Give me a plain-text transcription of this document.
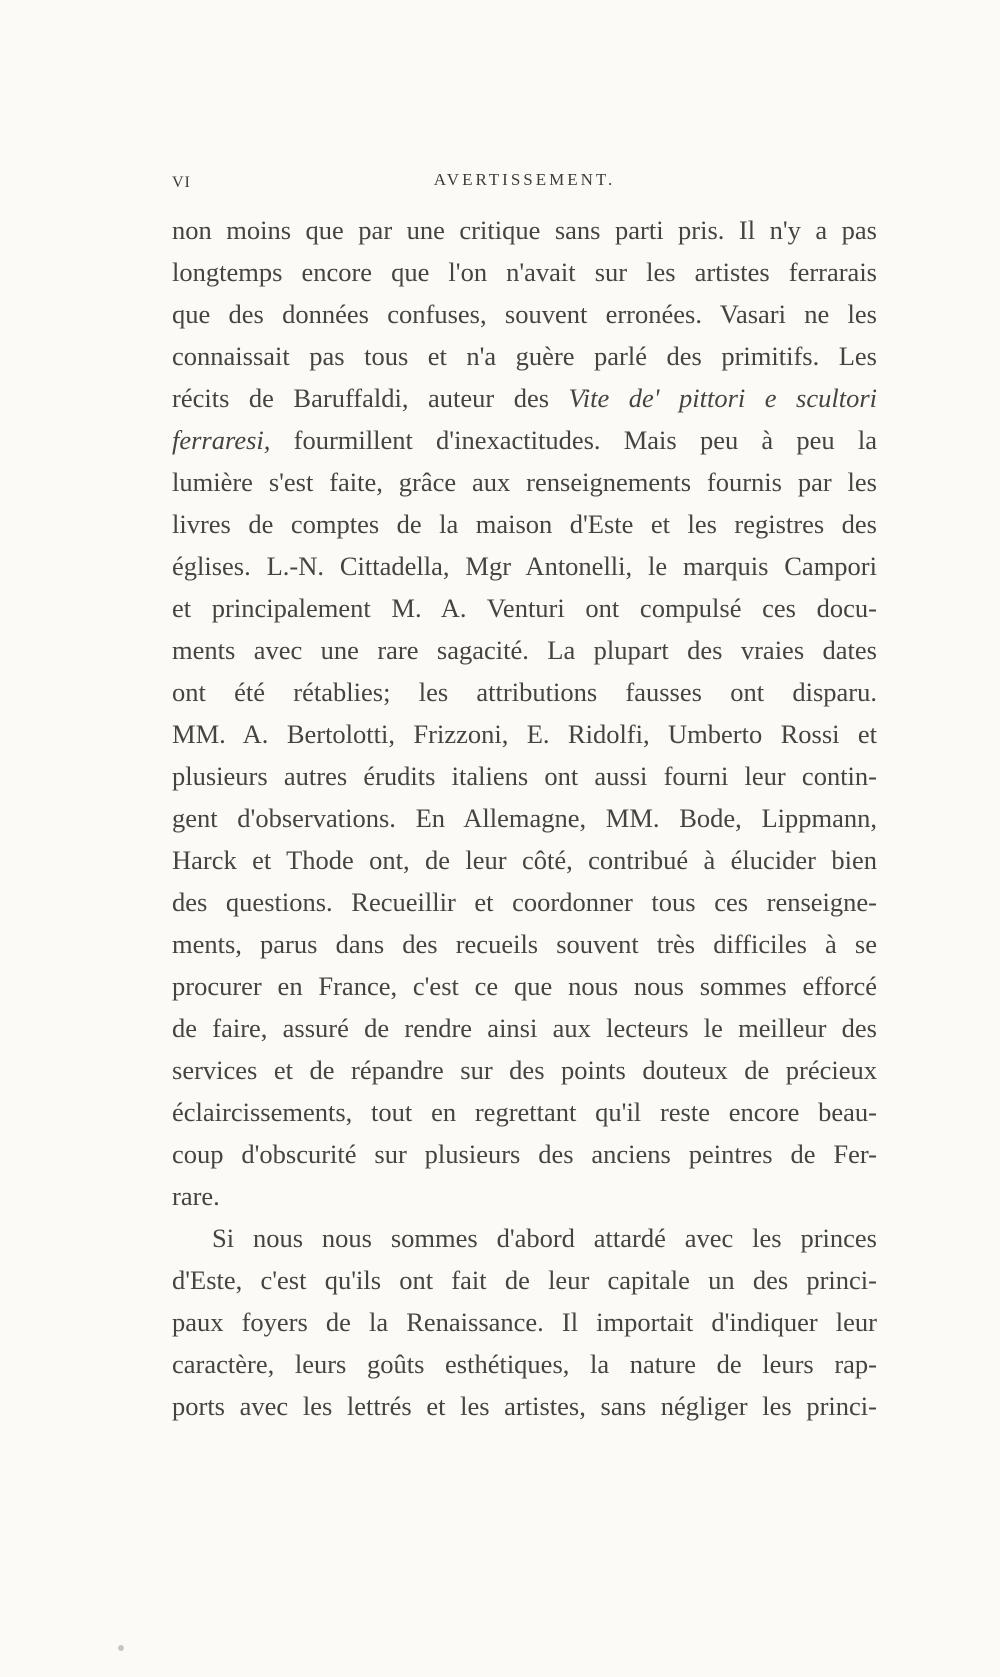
VI	AVERTISSEMENT.
non moins que par une critique sans parti pris. Il n'y a pas
longtemps encore que l'on n'avait sur les artistes ferrarais
que des données confuses, souvent erronées. Vasari ne les
connaissait pas tous et n'a guère parlé des primitifs. Les
récits de Baruffaldi, auteur des Vite de' pittori e scultori
ferraresi, fourmillent d'inexactitudes. Mais peu à peu la
lumière s'est faite, grâce aux renseignements fournis par les
livres de comptes de la maison d'Este et les registres des
églises. L.-N. Cittadella, Mgr Antonelli, le marquis Campori
et principalement M. A. Venturi ont compulsé ces docu-
ments avec une rare sagacité. La plupart des vraies dates
ont été rétablies; les attributions fausses ont disparu.
MM. A. Bertolotti, Frizzoni, E. Ridolfi, Umberto Rossi et
plusieurs autres érudits italiens ont aussi fourni leur contin-
gent d'observations. En Allemagne, MM. Bode, Lippmann,
Harck et Thode ont, de leur côté, contribué à élucider bien
des questions. Recueillir et coordonner tous ces renseigne-
ments, parus dans des recueils souvent très difficiles à se
procurer en France, c'est ce que nous nous sommes efforcé
de faire, assuré de rendre ainsi aux lecteurs le meilleur des
services et de répandre sur des points douteux de précieux
éclaircissements, tout en regrettant qu'il reste encore beau-
coup d'obscurité sur plusieurs des anciens peintres de Fer-
rare.
Si nous nous sommes d'abord attardé avec les princes
d'Este, c'est qu'ils ont fait de leur capitale un des princi-
paux foyers de la Renaissance. Il importait d'indiquer leur
caractère, leurs goûts esthétiques, la nature de leurs rap-
ports avec les lettrés et les artistes, sans négliger les princi-
